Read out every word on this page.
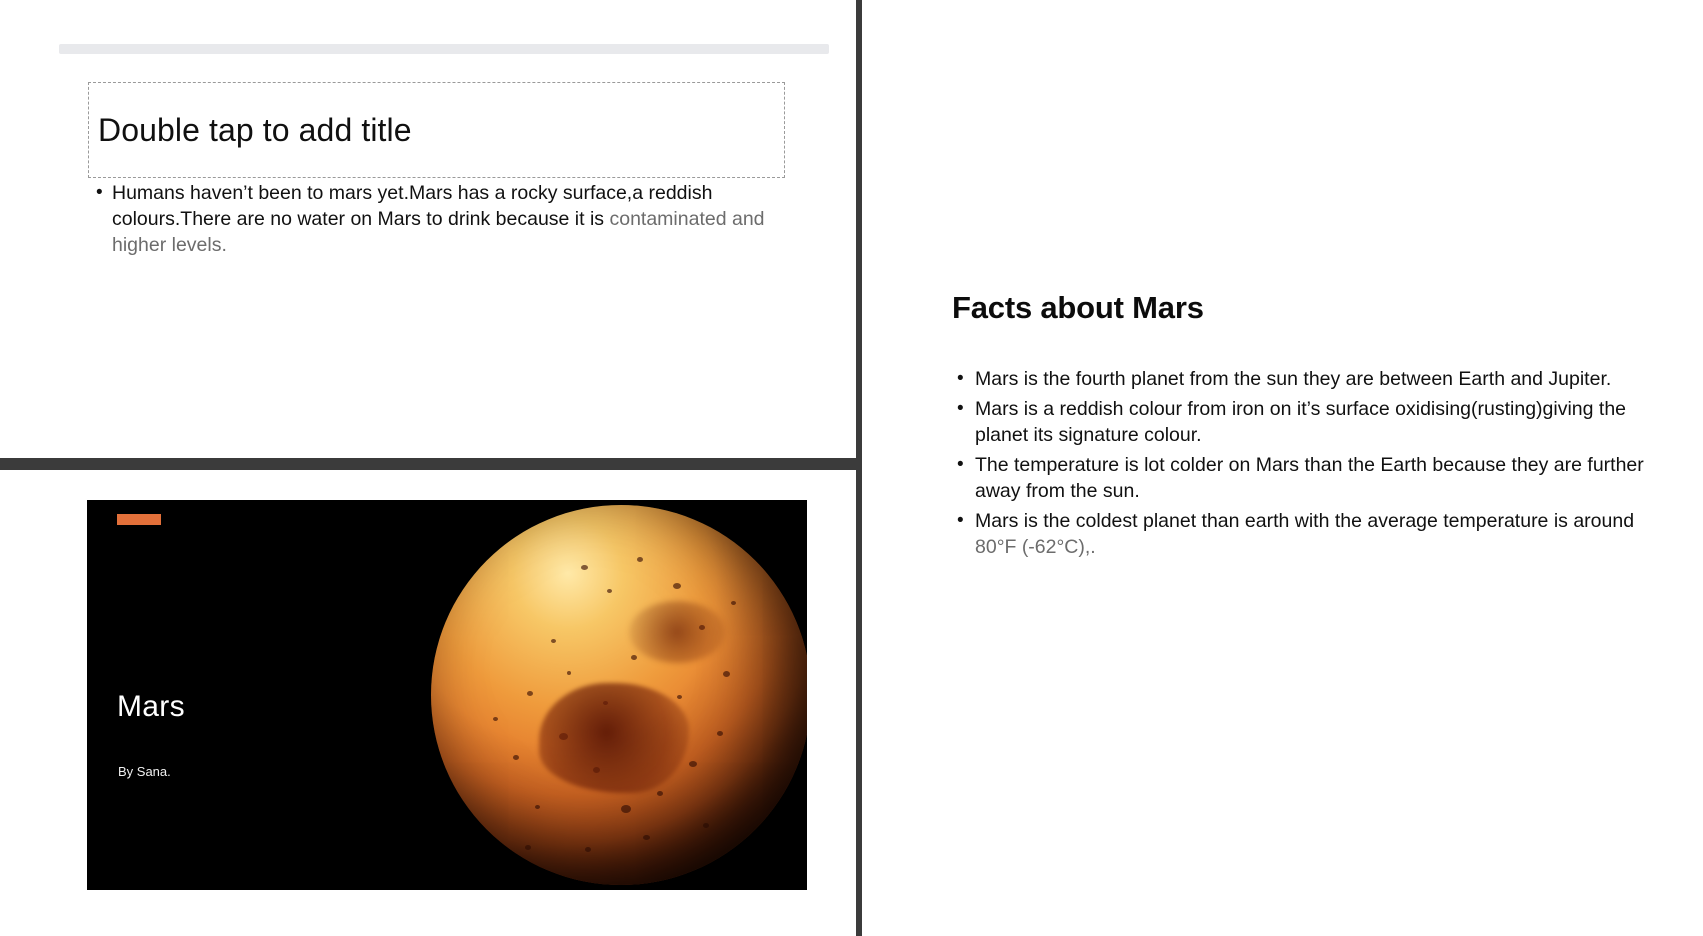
Double tap to add title
• Humans haven’t been to mars yet.Mars has a rocky surface,a reddish colours.There are no water on Mars to drink because it is contaminated and higher levels.
Mars
By Sana.
Facts about Mars
• Mars is the fourth planet from the sun they are between Earth and Jupiter.
• Mars is a reddish colour from iron on it’s surface oxidising(rusting)giving the planet its signature colour.
• The temperature is lot colder on Mars than the Earth because they are further away from the sun.
• Mars is the coldest planet than earth with the average temperature is around 80°F (-62°C),.
